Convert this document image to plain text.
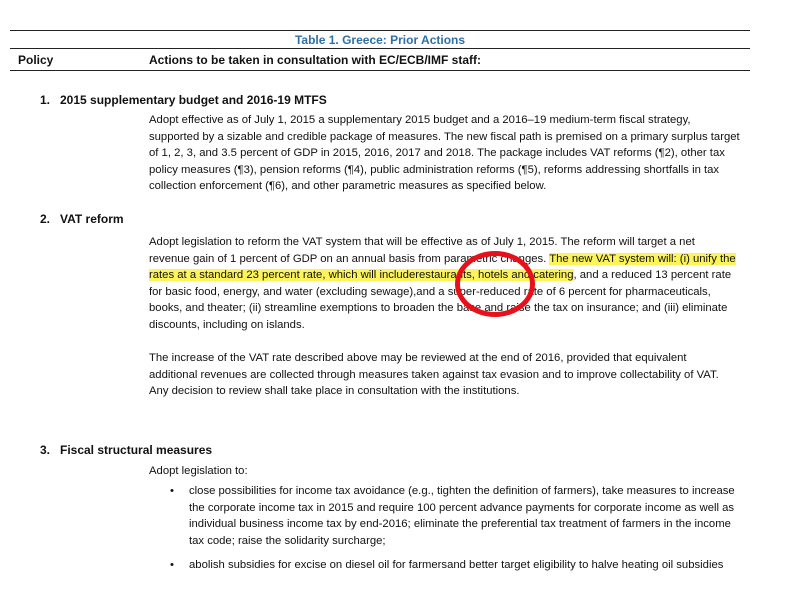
Table 1. Greece: Prior Actions
Policy	Actions to be taken in consultation with EC/ECB/IMF staff:
1. 2015 supplementary budget and 2016-19 MTFS

Adopt effective as of July 1, 2015 a supplementary 2015 budget and a 2016–19 medium-term fiscal strategy,
supported by a sizable and credible package of measures. The new fiscal path is premised on a primary surplus target
of 1, 2, 3, and 3.5 percent of GDP in 2015, 2016, 2017 and 2018. The package includes VAT reforms (¶2), other tax
policy measures (¶3), pension reforms (¶4), public administration reforms (¶5), reforms addressing shortfalls in tax
collection enforcement (¶6), and other parametric measures as specified below.

2. VAT reform

Adopt legislation to reform the VAT system that will be effective as of July 1, 2015. The reform will target a net
revenue gain of 1 percent of GDP on an annual basis from parametric changes. The new VAT system will: (i) unify the
rates at a standard 23 percent rate, which will includerestaurants, hotels and catering, and a reduced 13 percent rate
for basic food, energy, and water (excluding sewage),and a super-reduced rate of 6 percent for pharmaceuticals,
books, and theater; (ii) streamline exemptions to broaden the base and raise the tax on insurance; and (iii) eliminate
discounts, including on islands.

The increase of the VAT rate described above may be reviewed at the end of 2016, provided that equivalent
additional revenues are collected through measures taken against tax evasion and to improve collectability of VAT.
Any decision to review shall take place in consultation with the institutions.

3. Fiscal structural measures

Adopt legislation to:

• close possibilities for income tax avoidance (e.g., tighten the definition of farmers), take measures to increase
the corporate income tax in 2015 and require 100 percent advance payments for corporate income as well as
individual business income tax by end-2016; eliminate the preferential tax treatment of farmers in the income
tax code; raise the solidarity surcharge;
• abolish subsidies for excise on diesel oil for farmersand better target eligibility to halve heating oil subsidies
